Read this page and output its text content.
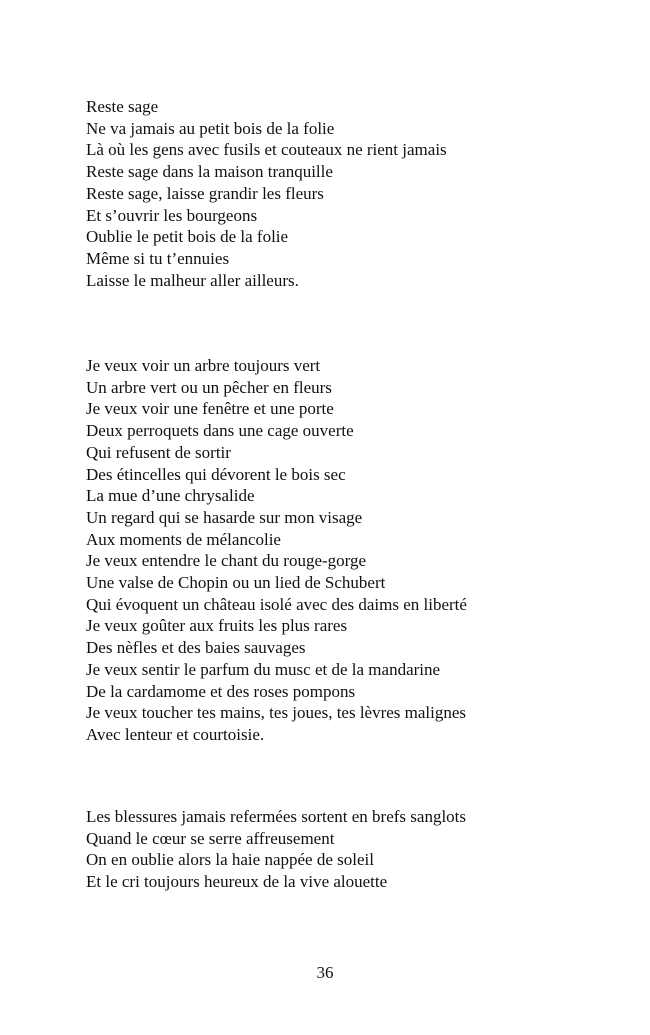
Reste sage
Ne va jamais au petit bois de la folie
Là où les gens avec fusils et couteaux ne rient jamais
Reste sage dans la maison tranquille
Reste sage, laisse grandir les fleurs
Et s’ouvrir les bourgeons
Oublie le petit bois de la folie
Même si tu t’ennuies
Laisse le malheur aller ailleurs.
Je veux voir un arbre toujours vert
Un arbre vert ou un pêcher en fleurs
Je veux voir une fenêtre et une porte
Deux perroquets dans une cage ouverte
Qui refusent de sortir
Des étincelles qui dévorent le bois sec
La mue d’une chrysalide
Un regard qui se hasarde sur mon visage
Aux moments de mélancolie
Je veux entendre le chant du rouge-gorge
Une valse de Chopin ou un lied de Schubert
Qui évoquent un château isolé avec des daims en liberté
Je veux goûter aux fruits les plus rares
Des nèfles et des baies sauvages
Je veux sentir le parfum du musc et de la mandarine
De la cardamome et des roses pompons
Je veux toucher tes mains, tes joues, tes lèvres malignes
Avec lenteur et courtoisie.
Les blessures jamais refermées sortent en brefs sanglots
Quand le cœur se serre affreusement
On en oublie alors la haie nappée de soleil
Et le cri toujours heureux de la vive alouette
36
